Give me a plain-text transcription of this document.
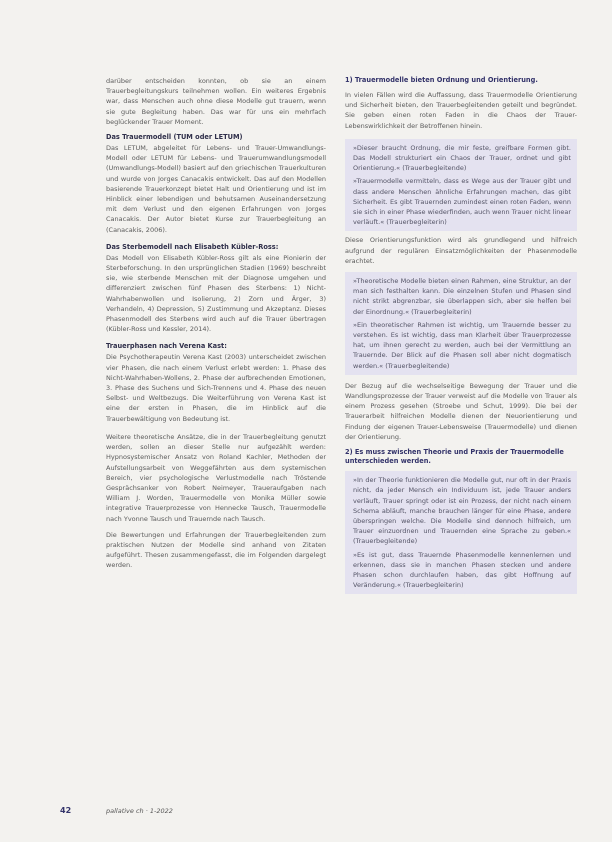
darüber entscheiden konnten, ob sie an einem Trauerbegleitungskurs teilnehmen wollen. Ein weiteres Ergebnis war, dass Menschen auch ohne diese Modelle gut trauern, wenn sie gute Begleitung haben. Das war für uns ein mehrfach beglückender Trauer Moment.

Das Trauermodell (TUM oder LETUM)

Das LETUM, abgeleitet für Lebens- und Trauer-Umwandlungs-Modell oder LETUM für Lebens- und Trauerumwandlungsmodell (Umwandlungs-Modell) basiert auf den griechischen Trauerkulturen und wurde von Jorges Canacakis entwickelt. Das auf den Modellen basierende Trauerkonzept bietet Halt und Orientierung und ist im Hinblick einer lebendigen und behutsamen Auseinandersetzung mit dem Verlust und den eigenen Erfahrungen von Jorges Canacakis. Der Autor bietet Kurse zur Trauerbegleitung an (Canacakis, 2006).

Das Sterbemodell nach Elisabeth Kübler-Ross:

Das Modell von Elisabeth Kübler-Ross gilt als eine Pionierin der Sterbeforschung. In den ursprünglichen Stadien (1969) beschreibt sie, wie sterbende Menschen mit der Diagnose umgehen und differenziert zwischen fünf Phasen des Sterbens: 1) Nicht-Wahrhabenwollen und Isolierung, 2) Zorn und Ärger, 3) Verhandeln, 4) Depression, 5) Zustimmung und Akzeptanz. Dieses Phasenmodell des Sterbens wird auch auf die Trauer übertragen (Kübler-Ross und Kessler, 2014).

Trauerphasen nach Verena Kast:

Die Psychotherapeutin Verena Kast (2003) unterscheidet zwischen vier Phasen, die nach einem Verlust erlebt werden: 1. Phase des Nicht-Wahrhaben-Wollens, 2. Phase der aufbrechenden Emotionen, 3. Phase des Suchens und Sich-Trennens und 4. Phase des neuen Selbst- und Weltbezugs. Die Weiterführung von Verena Kast ist eine der ersten in Phasen, die im Hinblick auf die Trauerbewältigung von Bedeutung ist.

Weitere theoretische Ansätze, die in der Trauerbegleitung genutzt werden, sollen an dieser Stelle nur aufgezählt werden: Hypnosystemischer Ansatz von Roland Kachler, Methoden der Aufstellungsarbeit von Weggefährten aus dem systemischen Bereich, vier psychologische Verlustmodelle nach Tröstende Gesprächsanker von Robert Neimeyer, Traueraufgaben nach William J. Worden, Trauermodelle von Monika Müller sowie integrative Trauerprozesse von Hennecke Tausch, Trauermodelle nach Yvonne Tausch und Trauernde nach Tausch.

Die Bewertungen und Erfahrungen der Trauerbegleitenden zum praktischen Nutzen der Modelle sind anhand von Zitaten aufgeführt. Thesen zusammengefasst, die im Folgenden dargelegt werden.

1) Trauermodelle bieten Ordnung und Orientierung.

In vielen Fällen wird die Auffassung, dass Trauermodelle Orientierung und Sicherheit bieten, den Trauerbegleitenden geteilt und begründet. Sie geben einen roten Faden in die Chaos der Trauer-Lebenswirklichkeit der Betroffenen hinein.

»Dieser braucht Ordnung, die mir feste, greifbare Formen gibt. Das Modell strukturiert ein Chaos der Trauer, ordnet und gibt Orientierung.« (Trauerbegleitende)

»Trauermodelle vermitteln, dass es Wege aus der Trauer gibt und dass andere Menschen ähnliche Erfahrungen machen, das gibt Sicherheit. Es gibt Trauernden zumindest einen roten Faden, wenn sie sich in einer Phase wiederfinden, auch wenn Trauer nicht linear verläuft.« (Trauerbegleiterin)

Diese Orientierungsfunktion wird als grundlegend und hilfreich aufgrund der regulären Einsatzmöglichkeiten der Phasenmodelle erachtet.

»Theoretische Modelle bieten einen Rahmen, eine Struktur, an der man sich festhalten kann. Die einzelnen Stufen und Phasen sind nicht strikt abgrenzbar, sie überlappen sich, aber sie helfen bei der Einordnung.« (Trauerbegleiterin)

»Ein theoretischer Rahmen ist wichtig, um Trauernde besser zu verstehen. Es ist wichtig, dass man Klarheit über Trauerprozesse hat, um ihnen gerecht zu werden, auch bei der Vermittlung an Trauernde. Der Blick auf die Phasen soll aber nicht dogmatisch werden.« (Trauerbegleitende)

Der Bezug auf die wechselseitige Bewegung der Trauer und die Wandlungsprozesse der Trauer verweist auf die Modelle von Trauer als einem Prozess gesehen (Stroebe und Schut, 1999). Die bei der Trauerarbeit hilfreichen Modelle dienen der Neuorientierung und Findung der eigenen Trauer-Lebensweise (Trauermodelle) und dienen der Orientierung.

2) Es muss zwischen Theorie und Praxis der Trauermodelle unterschieden werden.

»In der Theorie funktionieren die Modelle gut, nur oft in der Praxis nicht, da jeder Mensch ein Individuum ist, jede Trauer anders verläuft, Trauer springt oder ist ein Prozess, der nicht nach einem Schema abläuft, manche brauchen länger für eine Phase, andere überspringen welche. Die Modelle sind dennoch hilfreich, um Trauer einzuordnen und Trauernden eine Sprache zu geben.« (Trauerbegleitende)

»Es ist gut, dass Trauernde Phasenmodelle kennenlernen und erkennen, dass sie in manchen Phasen stecken und andere Phasen schon durchlaufen haben, das gibt Hoffnung auf Veränderung.« (Trauerbegleiterin)

42	pallative ch · 1-2022
